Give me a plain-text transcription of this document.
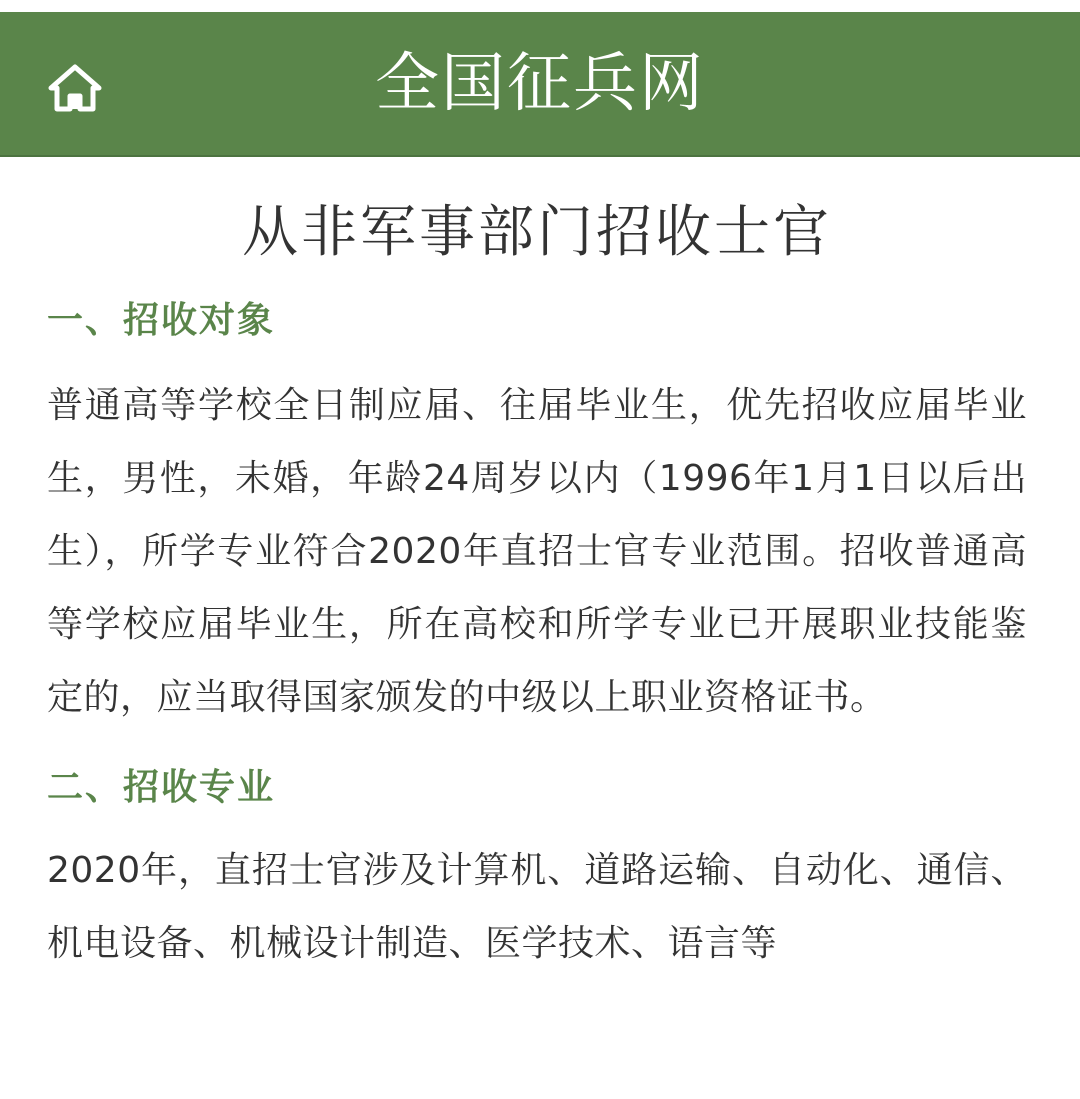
全国征兵网
从非军事部门招收士官
一、招收对象

普通高等学校全日制应届、往届毕业生，优先招收应届毕业生，男性，未婚，年龄24周岁以内（1996年1月1日以后出生），所学专业符合2020年直招士官专业范围。招收普通高等学校应届毕业生，所在高校和所学专业已开展职业技能鉴定的，应当取得国家颁发的中级以上职业资格证书。

二、招收专业

2020年，直招士官涉及计算机、道路运输、自动化、通信、机电设备、机械设计制造、医学技术、语言等
